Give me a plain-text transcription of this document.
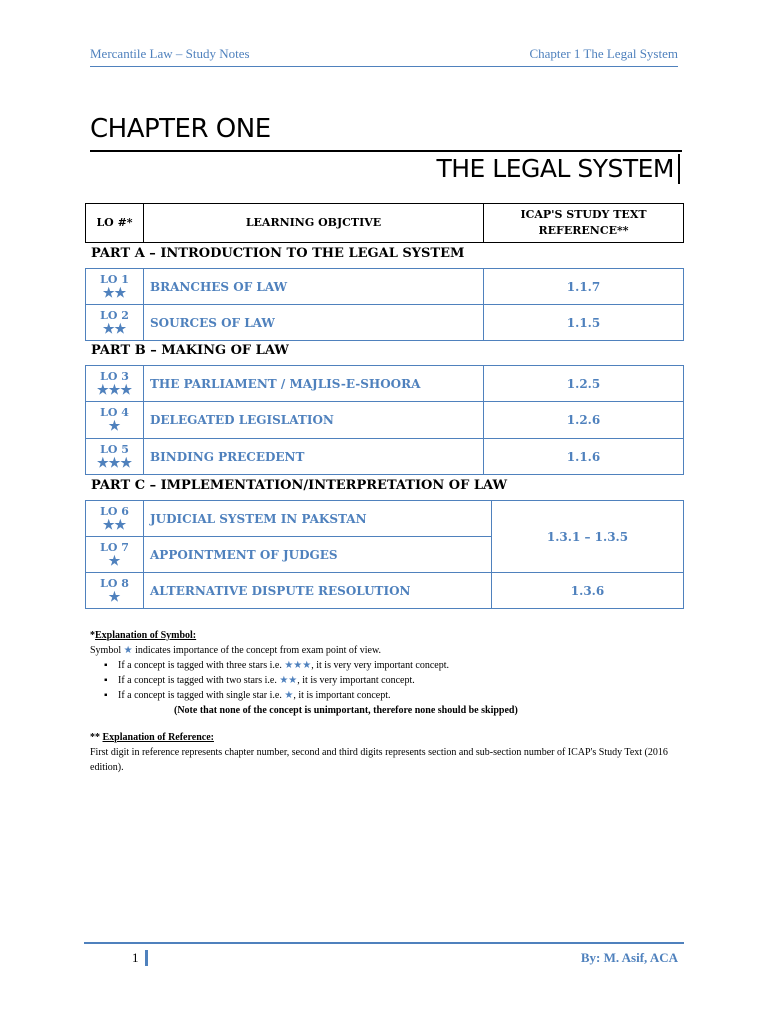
Mercantile Law – Study Notes	Chapter 1 The Legal System
CHAPTER ONE
THE LEGAL SYSTEM
LO #*	LEARNING OBJCTIVE	ICAP'S STUDY TEXT REFERENCE**
PART A – INTRODUCTION TO THE LEGAL SYSTEM
LO 1
★★	BRANCHES OF LAW	1.1.7
LO 2
★★	SOURCES OF LAW	1.1.5
PART B – MAKING OF LAW
LO 3
★★★	THE PARLIAMENT / MAJLIS-E-SHOORA	1.2.5
LO 4
★	DELEGATED LEGISLATION	1.2.6
LO 5
★★★	BINDING PRECEDENT	1.1.6
PART C – IMPLEMENTATION/INTERPRETATION OF LAW
LO 6
★★	JUDICIAL SYSTEM IN PAKSTAN	1.3.1 – 1.3.5
LO 7
★	APPOINTMENT OF JUDGES	
LO 8
★	ALTERNATIVE DISPUTE RESOLUTION	1.3.6

*Explanation of Symbol:

Symbol ★ indicates importance of the concept from exam point of view.

▪ If a concept is tagged with three stars i.e. ★★★, it is very very important concept.
▪ If a concept is tagged with two stars i.e. ★★, it is very important concept.
▪ If a concept is tagged with single star i.e. ★, it is important concept.

(Note that none of the concept is unimportant, therefore none should be skipped)

** Explanation of Reference:

First digit in reference represents chapter number, second and third digits represents section and sub-section number of ICAP's Study Text (2016 edition).

1	By: M. Asif, ACA
